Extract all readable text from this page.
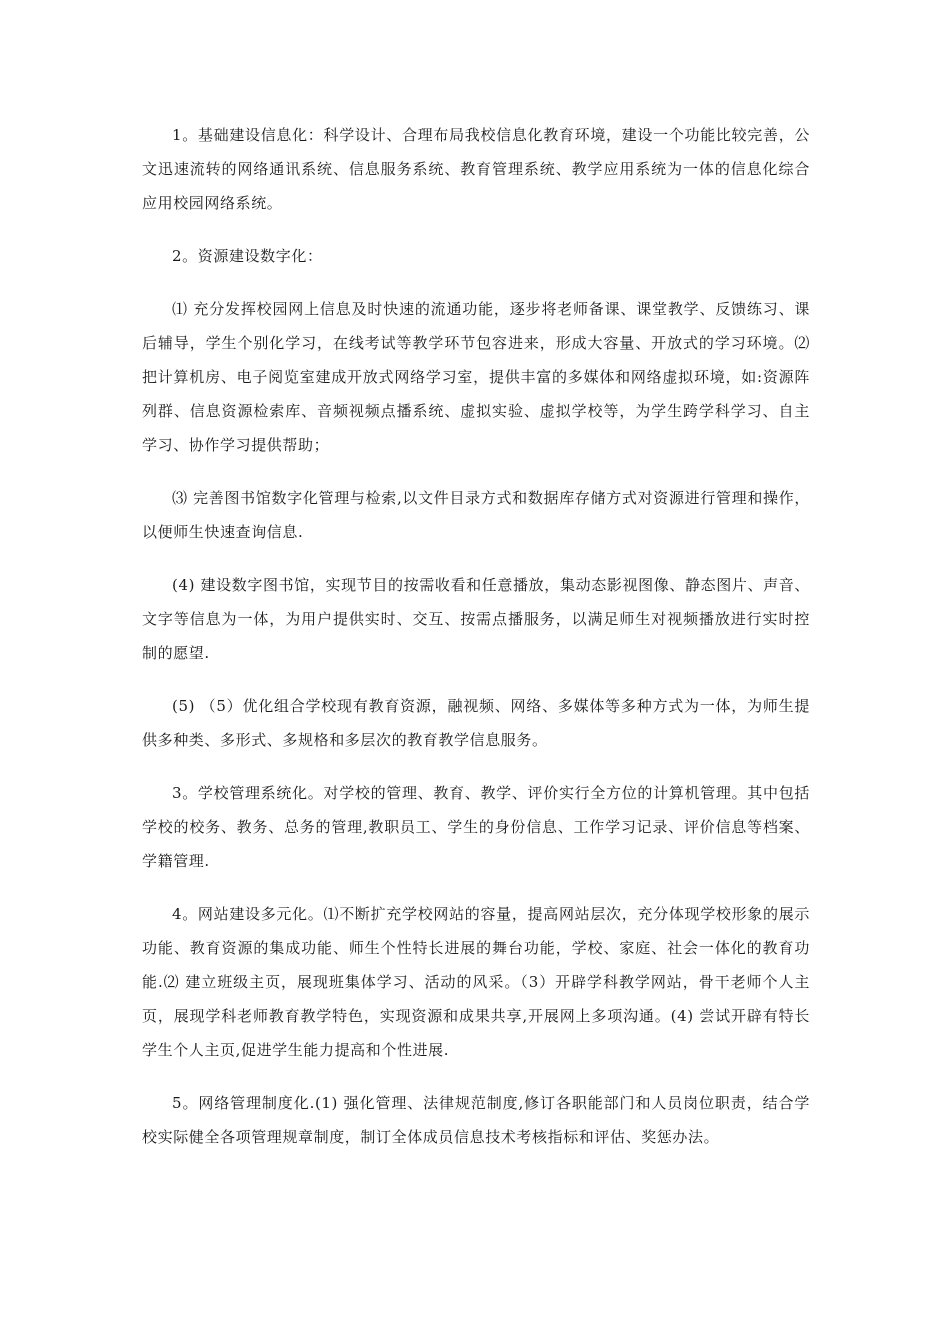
1。基础建设信息化：科学设计、合理布局我校信息化教育环境，建设一个功能比较完善，公文迅速流转的网络通讯系统、信息服务系统、教育管理系统、教学应用系统为一体的信息化综合应用校园网络系统。

2。资源建设数字化：

⑴ 充分发挥校园网上信息及时快速的流通功能，逐步将老师备课、课堂教学、反馈练习、课后辅导，学生个别化学习，在线考试等教学环节包容进来，形成大容量、开放式的学习环境。⑵把计算机房、电子阅览室建成开放式网络学习室，提供丰富的多媒体和网络虚拟环境，如:资源阵列群、信息资源检索库、音频视频点播系统、虚拟实验、虚拟学校等，为学生跨学科学习、自主学习、协作学习提供帮助；

⑶ 完善图书馆数字化管理与检索,以文件目录方式和数据库存储方式对资源进行管理和操作，以便师生快速查询信息.

(4) 建设数字图书馆，实现节目的按需收看和任意播放，集动态影视图像、静态图片、声音、文字等信息为一体，为用户提供实时、交互、按需点播服务，以满足师生对视频播放进行实时控制的愿望.

(5) （5）优化组合学校现有教育资源，融视频、网络、多媒体等多种方式为一体，为师生提供多种类、多形式、多规格和多层次的教育教学信息服务。

3。学校管理系统化。对学校的管理、教育、教学、评价实行全方位的计算机管理。其中包括学校的校务、教务、总务的管理,教职员工、学生的身份信息、工作学习记录、评价信息等档案、学籍管理.

4。网站建设多元化。⑴不断扩充学校网站的容量，提高网站层次，充分体现学校形象的展示功能、教育资源的集成功能、师生个性特长进展的舞台功能，学校、家庭、社会一体化的教育功能.⑵ 建立班级主页，展现班集体学习、活动的风采。（3）开辟学科教学网站，骨干老师个人主页，展现学科老师教育教学特色，实现资源和成果共享,开展网上多项沟通。(4) 尝试开辟有特长学生个人主页,促进学生能力提高和个性进展.

5。网络管理制度化.(1) 强化管理、法律规范制度,修订各职能部门和人员岗位职责，结合学校实际健全各项管理规章制度，制订全体成员信息技术考核指标和评估、奖惩办法。
